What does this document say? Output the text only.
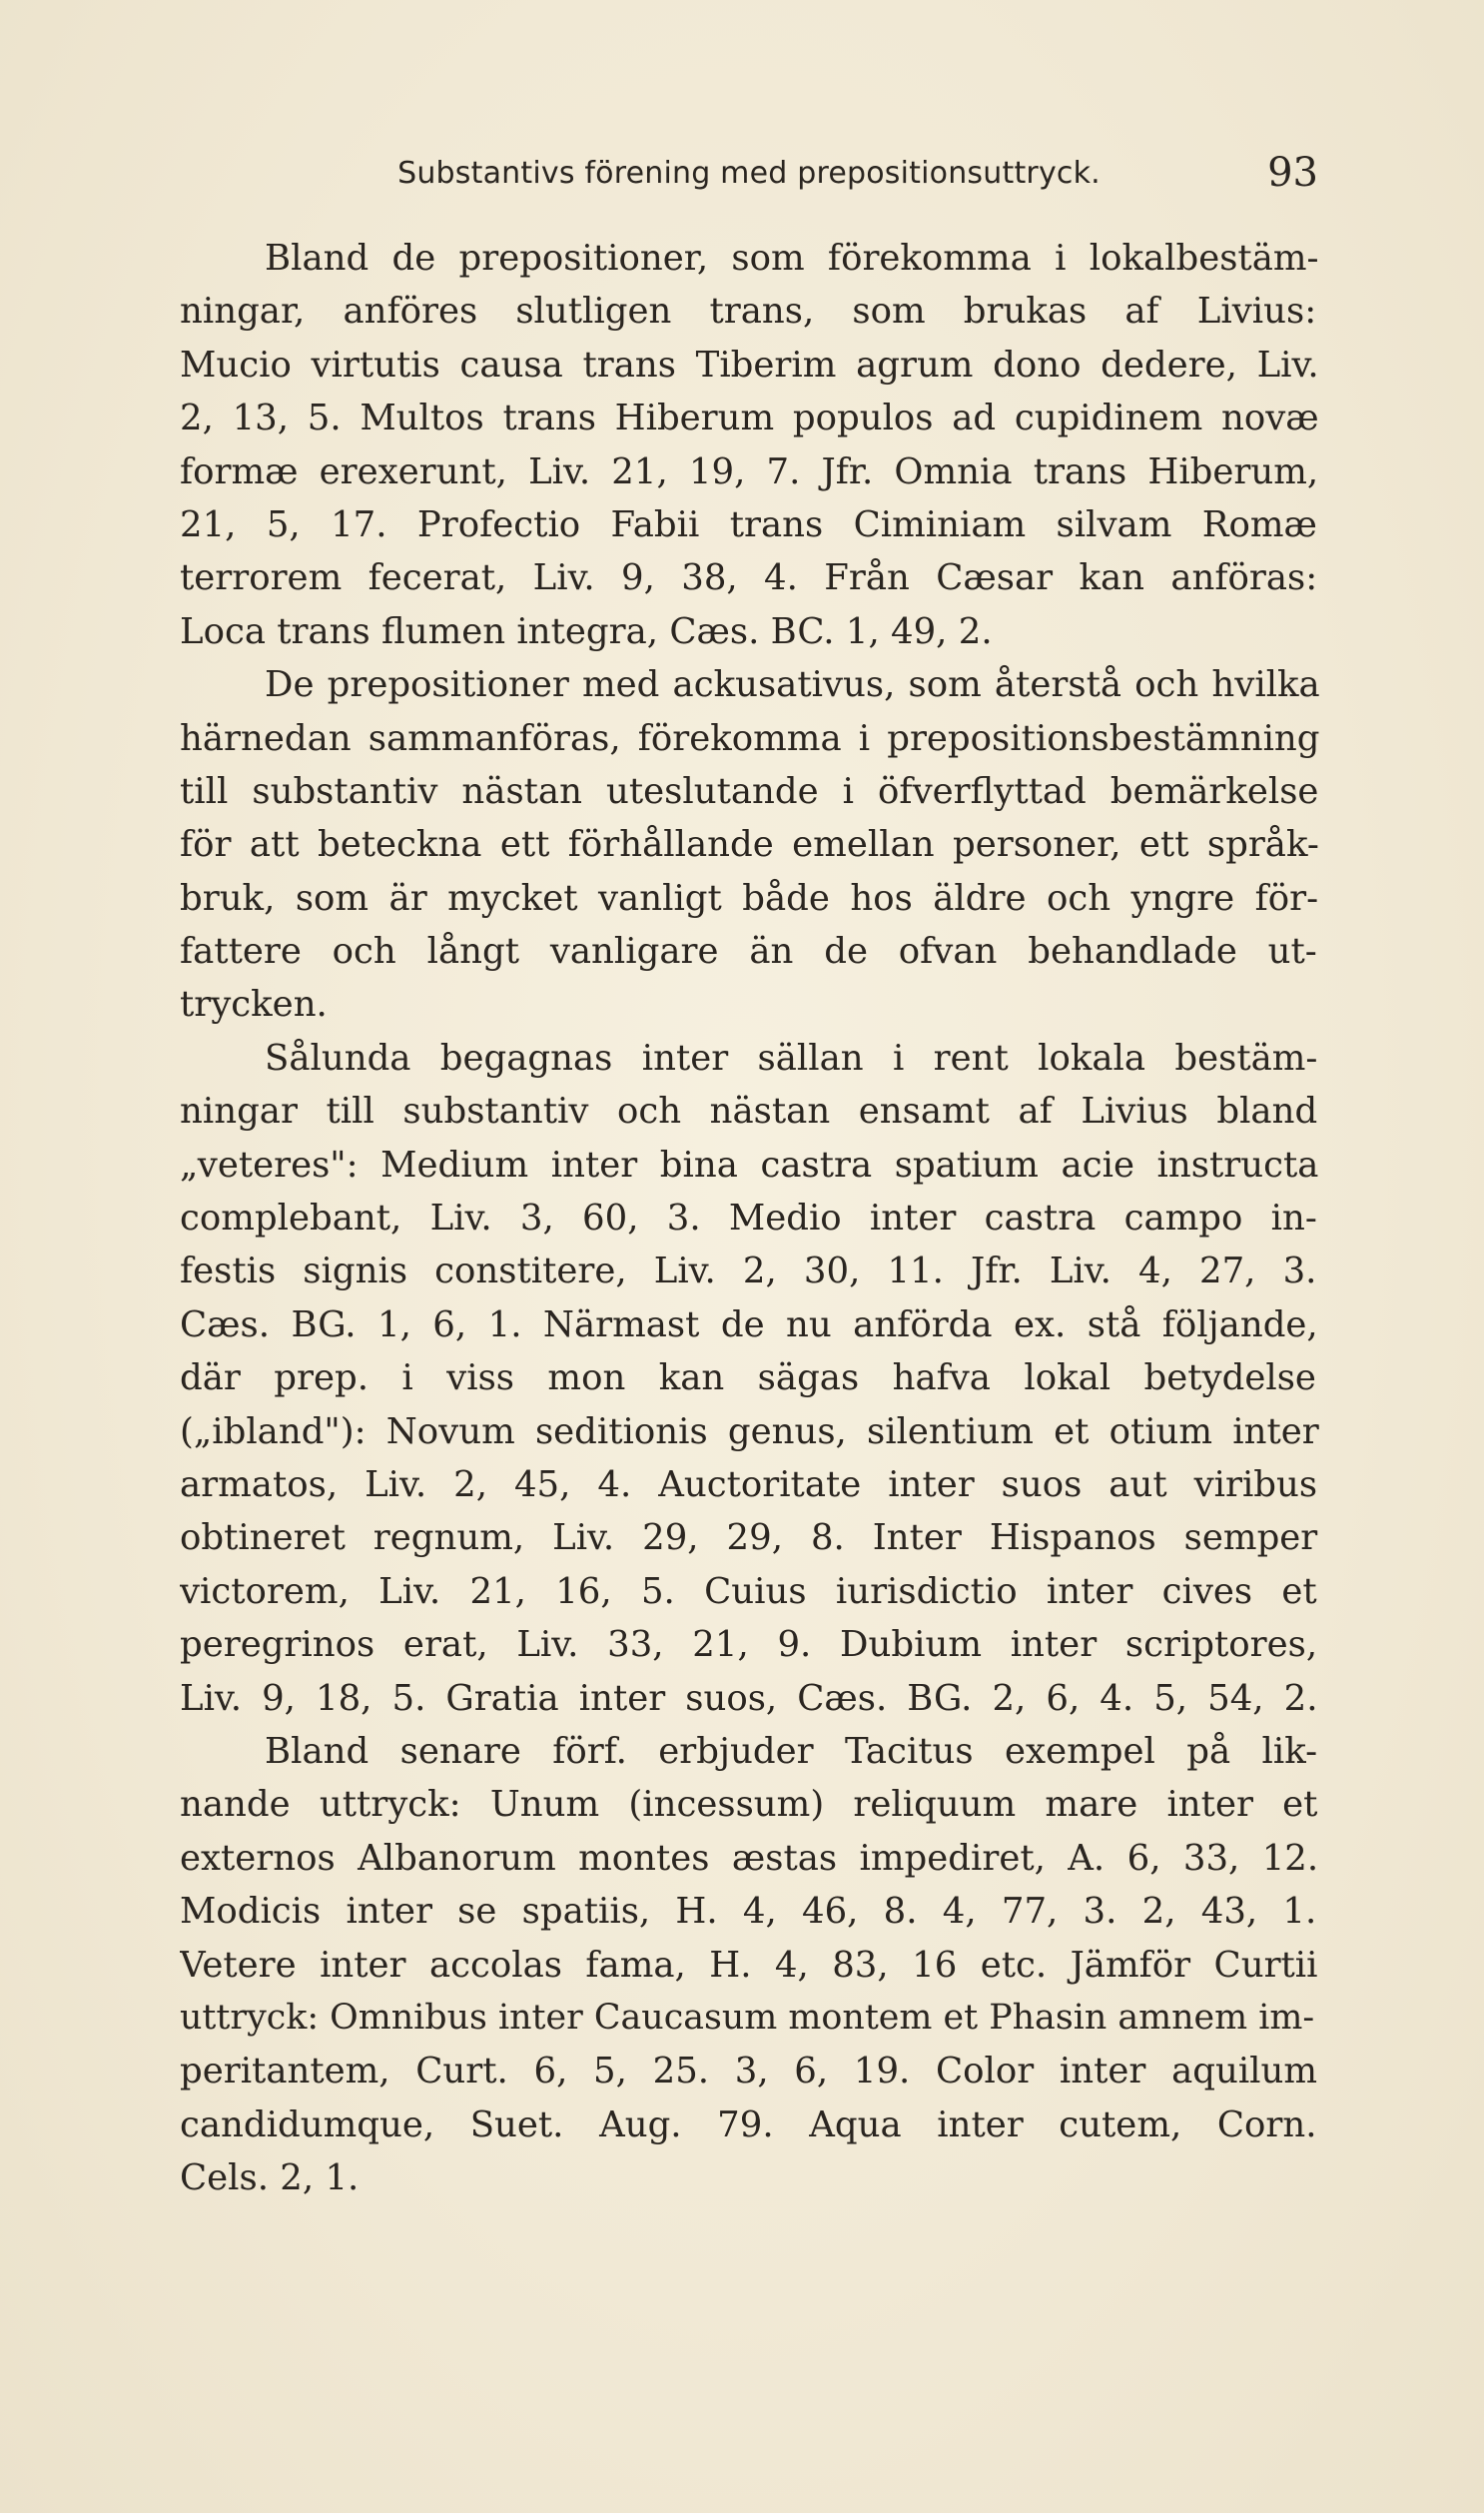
Substantivs förening med prepositionsuttryck.	93

Bland de prepositioner, som förekomma i lokalbestäm-
ningar, anföres slutligen trans, som brukas af Livius:
Mucio virtutis causa trans Tiberim agrum dono dedere, Liv.
2, 13, 5. Multos trans Hiberum populos ad cupidinem novæ
formæ erexerunt, Liv. 21, 19, 7. Jfr. Omnia trans Hiberum,
21, 5, 17. Profectio Fabii trans Ciminiam silvam Romæ
terrorem fecerat, Liv. 9, 38, 4. Från Cæsar kan anföras:
Loca trans flumen integra, Cæs. BC. 1, 49, 2.

De prepositioner med ackusativus, som återstå och hvilka
härnedan sammanföras, förekomma i prepositionsbestämning
till substantiv nästan uteslutande i öfverflyttad bemärkelse
för att beteckna ett förhållande emellan personer, ett språk-
bruk, som är mycket vanligt både hos äldre och yngre för-
fattere och långt vanligare än de ofvan behandlade ut-
trycken.

Sålunda begagnas inter sällan i rent lokala bestäm-
ningar till substantiv och nästan ensamt af Livius bland
„veteres": Medium inter bina castra spatium acie instructa
complebant, Liv. 3, 60, 3. Medio inter castra campo in-
festis signis constitere, Liv. 2, 30, 11. Jfr. Liv. 4, 27, 3.
Cæs. BG. 1, 6, 1. Närmast de nu anförda ex. stå följande,
där prep. i viss mon kan sägas hafva lokal betydelse
(„ibland"): Novum seditionis genus, silentium et otium inter
armatos, Liv. 2, 45, 4. Auctoritate inter suos aut viribus
obtineret regnum, Liv. 29, 29, 8. Inter Hispanos semper
victorem, Liv. 21, 16, 5. Cuius iurisdictio inter cives et
peregrinos erat, Liv. 33, 21, 9. Dubium inter scriptores,
Liv. 9, 18, 5. Gratia inter suos, Cæs. BG. 2, 6, 4. 5, 54, 2.

Bland senare förf. erbjuder Tacitus exempel på lik-
nande uttryck: Unum (incessum) reliquum mare inter et
externos Albanorum montes æstas impediret, A. 6, 33, 12.
Modicis inter se spatiis, H. 4, 46, 8. 4, 77, 3. 2, 43, 1.
Vetere inter accolas fama, H. 4, 83, 16 etc. Jämför Curtii
uttryck: Omnibus inter Caucasum montem et Phasin amnem im-
peritantem, Curt. 6, 5, 25. 3, 6, 19. Color inter aquilum
candidumque, Suet. Aug. 79. Aqua inter cutem, Corn.
Cels. 2, 1.
